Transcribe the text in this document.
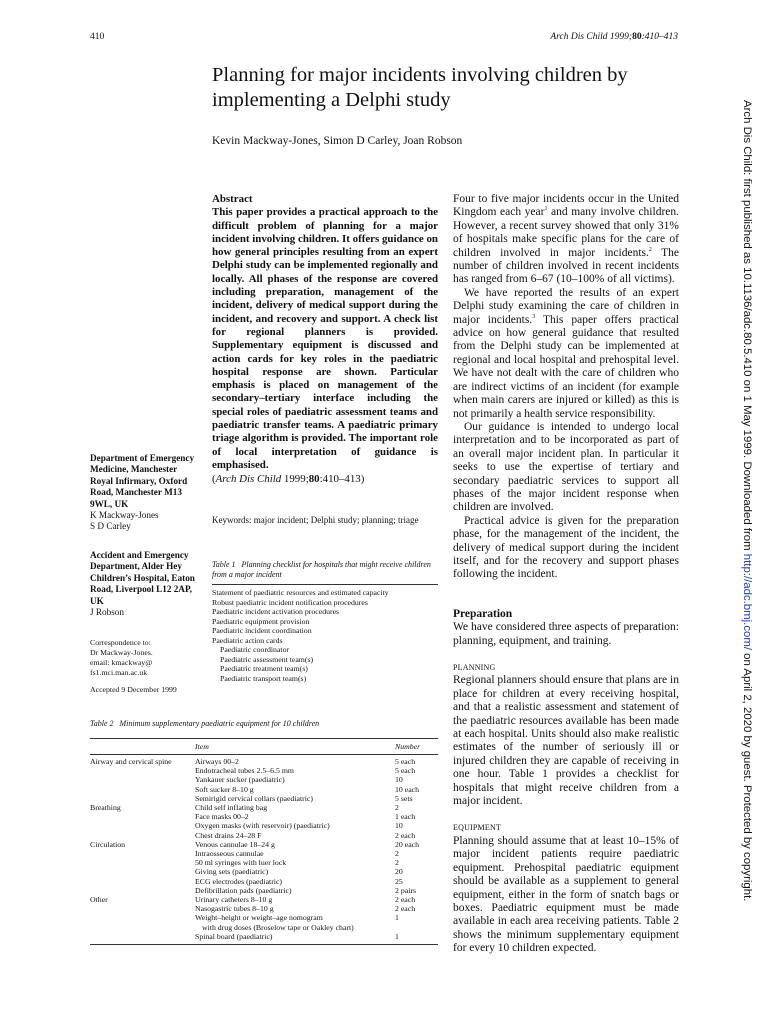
410	Arch Dis Child 1999;80:410–413
Planning for major incidents involving children by implementing a Delphi study
Kevin Mackway-Jones, Simon D Carley, Joan Robson	Arch Dis Child: first published as 10.1136/adc.80.5.410 on 1 May 1999. Downloaded from http://adc.bmj.com/ on April 2, 2020 by guest. Protected by copyright.
Abstract
This paper provides a practical approach to the difficult problem of planning for a major incident involving children. It offers guidance on how general principles resulting from an expert Delphi study can be implemented regionally and locally. All phases of the response are covered including preparation, management of the incident, delivery of medical support during the incident, and recovery and support. A check list for regional planners is provided. Supplementary equipment is discussed and action cards for key roles in the paediatric hospital response are shown. Particular emphasis is placed on management of the secondary–tertiary interface including the special roles of paediatric assessment teams and paediatric transfer teams. A paediatric primary triage algorithm is provided. The important role of local interpretation of guidance is emphasised.
(Arch Dis Child 1999;80:410–413)
Keywords: major incident; Delphi study; planning; triage
Department of Emergency Medicine, Manchester Royal Infirmary, Oxford Road, Manchester M13 9WL, UK
K Mackway-Jones
S D Carley
Accident and Emergency Department, Alder Hey Children’s Hospital, Eaton Road, Liverpool L12 2AP, UK
J Robson
Correspondence to:
Dr Mackway-Jones.
email: kmackway@
fs1.mci.man.ac.uk
Accepted 9 December 1999
Table 1 Planning checklist for hospitals that might receive children from a major incident
Statement of paediatric resources and estimated capacity
Robust paediatric incident notification procedures
Paediatric incident activation procedures
Paediatric equipment provision
Paediatric incident coordination
Paediatric action cards
Paediatric coordinator
Paediatric assessment team(s)
Paediatric treatment team(s)
Paediatric transport team(s)
Table 2 Minimum supplementary paediatric equipment for 10 children
Item	Number
Airway and cervical spine	Airways 00–2	5 each
Endotracheal tubes 2.5–6.5 mm	5 each
Yankauer sucker (paediatric)	10
Soft sucker 8–10 g	10 each
Semirigid cervical collars (paediatric)	5 sets
Breathing	Child self inflating bag	2
Face masks 00–2	1 each
Oxygen masks (with reservoir) (paediatric)	10
Chest drains 24–28 F	2 each
Circulation	Venous cannulae 18–24 g	20 each
Intraosseous cannulae	2
50 ml syringes with luer lock	2
Giving sets (paediatric)	20
ECG electrodes (paediatric)	25
Defibrillation pads (paediatric)	2 pairs
Other	Urinary catheters 8–10 g	2 each
Nasogastric tubes 8–10 g	2 each
Weight–height or weight–age nomogram	1
with drug doses (Broselow tape or Oakley chart)
Spinal board (paediatric)	1

Four to five major incidents occur in the United Kingdom each year$^1$ and many involve children. However, a recent survey showed that only 31% of hospitals make specific plans for the care of children involved in major incidents.$^2$ The number of children involved in recent incidents has ranged from 6–67 (10–100% of all victims).

We have reported the results of an expert Delphi study examining the care of children in major incidents.$^3$ This paper offers practical advice on how general guidance that resulted from the Delphi study can be implemented at regional and local hospital and prehospital level. We have not dealt with the care of children who are indirect victims of an incident (for example when main carers are injured or killed) as this is not primarily a health service responsibility.

Our guidance is intended to undergo local interpretation and to be incorporated as part of an overall major incident plan. In particular it seeks to use the expertise of tertiary and secondary paediatric services to support all phases of the major incident response when children are involved.

Practical advice is given for the preparation phase, for the management of the incident, the delivery of medical support during the incident itself, and for the recovery and support phases following the incident.

Preparation

We have considered three aspects of preparation: planning, equipment, and training.

PLANNING

Regional planners should ensure that plans are in place for children at every receiving hospital, and that a realistic assessment and statement of the paediatric resources available has been made at each hospital. Units should also make realistic estimates of the number of seriously ill or injured children they are capable of receiving in one hour. Table 1 provides a checklist for hospitals that might receive children from a major incident.

EQUIPMENT

Planning should assume that at least 10–15% of major incident patients require paediatric equipment. Prehospital paediatric equipment should be available as a supplement to general equipment, either in the form of snatch bags or boxes. Paediatric equipment must be made available in each area receiving patients. Table 2 shows the minimum supplementary equipment for every 10 children expected.
